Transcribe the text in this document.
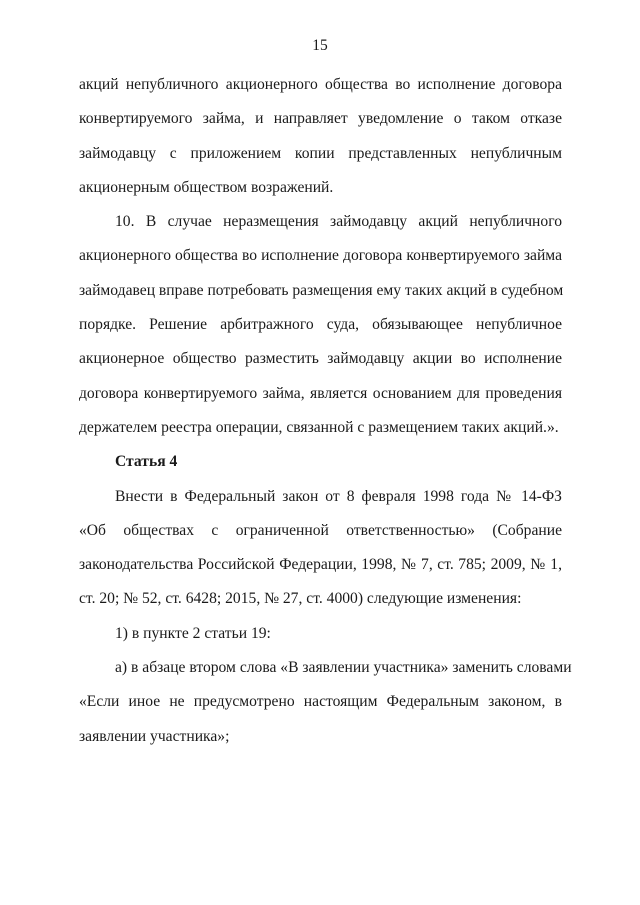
15
акций непубличного акционерного общества во исполнение договора
конвертируемого займа, и направляет уведомление о таком отказе
займодавцу с приложением копии представленных непубличным
акционерным обществом возражений.
10. В случае неразмещения займодавцу акций непубличного
акционерного общества во исполнение договора конвертируемого займа
займодавец вправе потребовать размещения ему таких акций в судебном
порядке. Решение арбитражного суда, обязывающее непубличное
акционерное общество разместить займодавцу акции во исполнение
договора конвертируемого займа, является основанием для проведения
держателем реестра операции, связанной с размещением таких акций.».
Статья 4
Внести в Федеральный закон от 8 февраля 1998 года № 14-ФЗ
«Об обществах с ограниченной ответственностью» (Собрание
законодательства Российской Федерации, 1998, № 7, ст. 785; 2009, № 1,
ст. 20; № 52, ст. 6428; 2015, № 27, ст. 4000) следующие изменения:
1) в пункте 2 статьи 19:
а) в абзаце втором слова «В заявлении участника» заменить словами
«Если иное не предусмотрено настоящим Федеральным законом, в
заявлении участника»;
